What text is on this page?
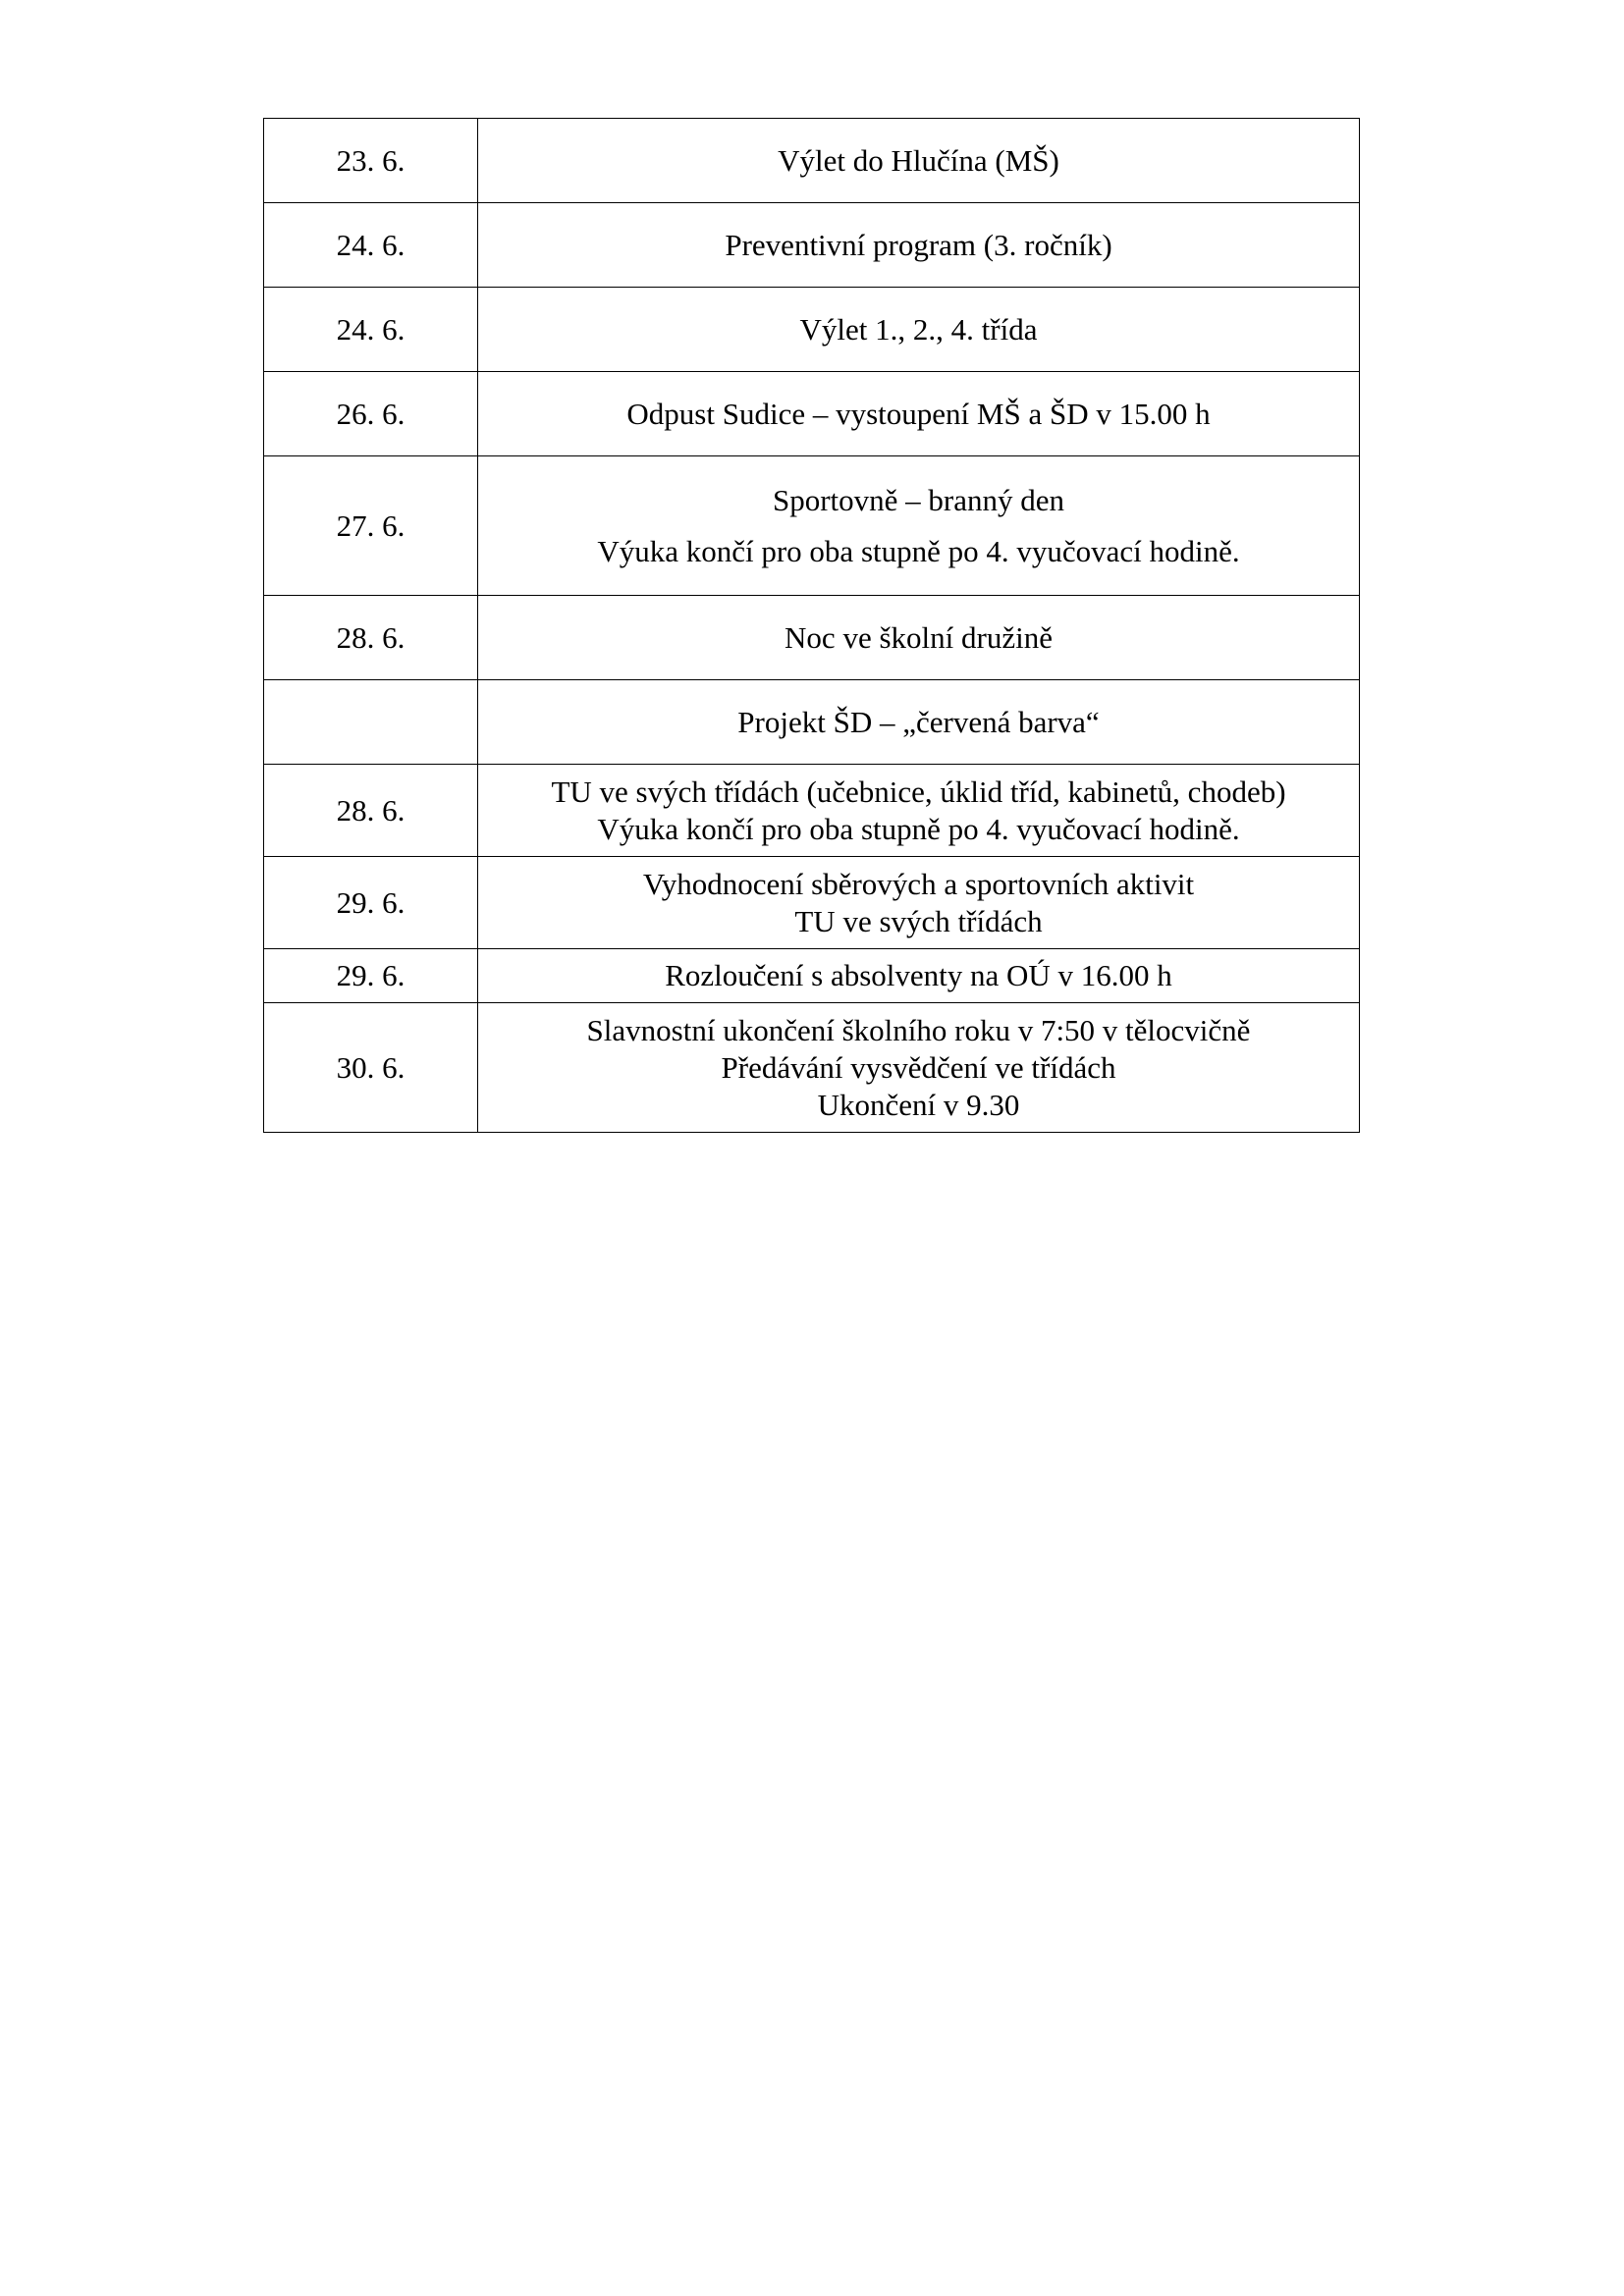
23. 6.	Výlet do Hlučína (MŠ)

24. 6.	Preventivní program (3. ročník)

24. 6.	Výlet 1., 2., 4. třída

26. 6.	Odpust Sudice – vystoupení MŠ a ŠD v 15.00 h

27. 6.	Sportovně – branný den
Výuka končí pro oba stupně po 4. vyučovací hodině.

28. 6.	Noc ve školní družině

	Projekt ŠD – „červená barva“

28. 6.	TU ve svých třídách (učebnice, úklid tříd, kabinetů, chodeb)
Výuka končí pro oba stupně po 4. vyučovací hodině.

29. 6.	Vyhodnocení sběrových a sportovních aktivit
TU ve svých třídách

29. 6.	Rozloučení s absolventy na OÚ v 16.00 h

30. 6.	Slavnostní ukončení školního roku v 7:50 v tělocvičně
Předávání vysvědčení ve třídách
Ukončení v 9.30
